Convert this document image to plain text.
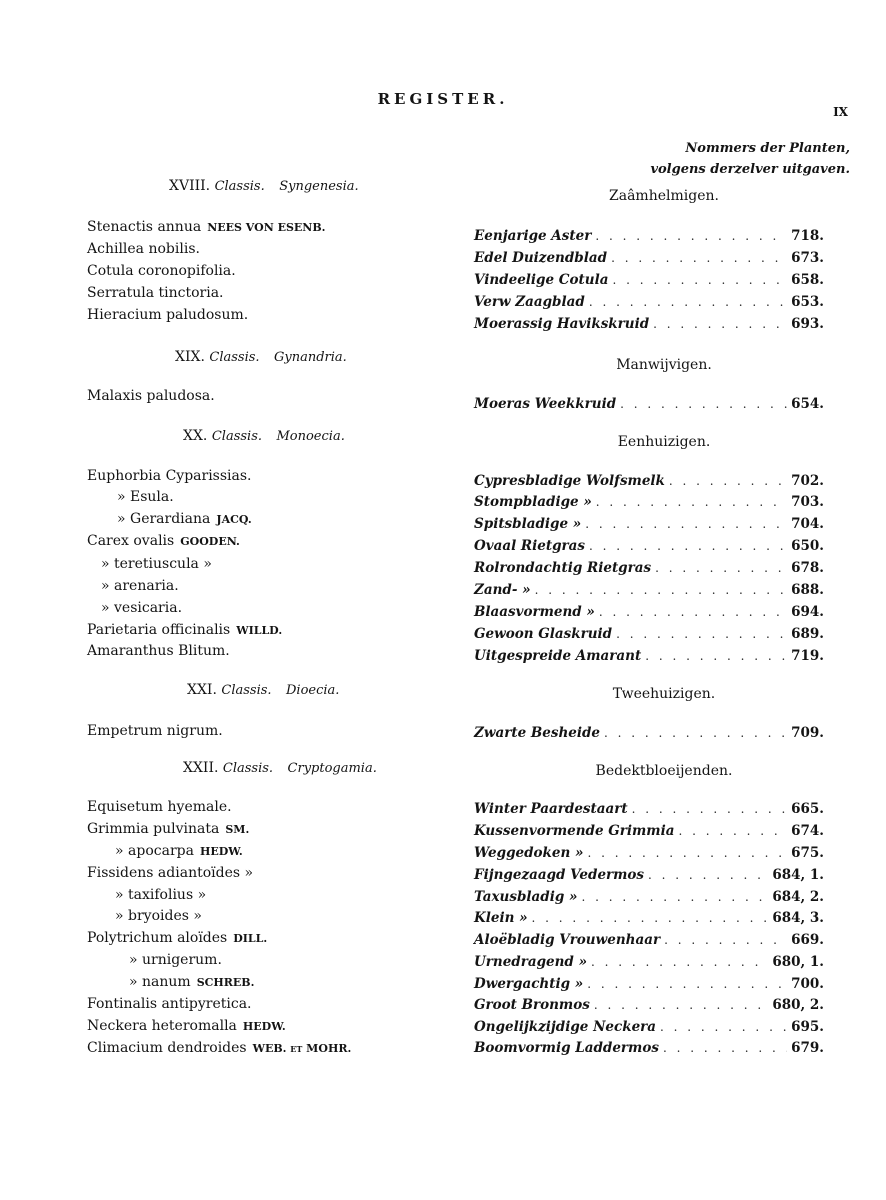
REGISTER.
IX
Nommers der Planten,
volgens derzelver uitgaven.
XVIII. Classis. Syngenesia.
Stenactis annua NEES VON ESENB.
Achillea nobilis.
Cotula coronopifolia.
Serratula tinctoria.
Hieracium paludosum.
XIX. Classis. Gynandria.
Malaxis paludosa.
XX. Classis. Monoecia.
Euphorbia Cyparissias.
» Esula.
» Gerardiana JACQ.
Carex ovalis GOODEN.
» teretiuscula »
» arenaria.
» vesicaria.
Parietaria officinalis WILLD.
Amaranthus Blitum.
XXI. Classis. Dioecia.
Empetrum nigrum.
XXII. Classis. Cryptogamia.
Equisetum hyemale.
Grimmia pulvinata SM.
» apocarpa HEDW.
Fissidens adiantoïdes »
» taxifolius »
» bryoides »
Polytrichum aloïdes DILL.
» urnigerum.
» nanum SCHREB.
Fontinalis antipyretica.
Neckera heteromalla HEDW.
Climacium dendroides WEB. et MOHR.
Zaâmhelmigen.
Eenjarige Aster . . .	718.
Edel Duizendblad . . .	673.
Vindeelige Cotula . . .	658.
Verw Zaagblad . . .	653.
Moerassig Havikskruid . . .	693.
Manwijvigen.
Moeras Weekkruid . . .	654.
Eenhuizigen.
Cypresbladige Wolfsmelk . . .	702.
Stompbladige » . . .	703.
Spitsbladige » . . .	704.
Ovaal Rietgras . . .	650.
Rolrondachtig Rietgras . . .	678.
Zand- » . . .	688.
Blaasvormend » . . .	694.
Gewoon Glaskruid . . .	689.
Uitgespreide Amarant . . .	719.
Tweehuizigen.
Zwarte Besheide . . .	709.
Bedektbloeijenden.
Winter Paardestaart . . .	665.
Kussenvormende Grimmia . . .	674.
Weggedoken » . . .	675.
Fijngezaagd Vedermos . . .	684, 1.
Taxusbladig » . . .	684, 2.
Klein » . . .	684, 3.
Aloëbladig Vrouwenhaar . . .	669.
Urnedragend » . . .	680, 1.
Dwergachtig » . . .	700.
Groot Bronmos . . .	680, 2.
Ongelijkzijdige Neckera . . .	695.
Boomvormig Laddermos . . .	679.
